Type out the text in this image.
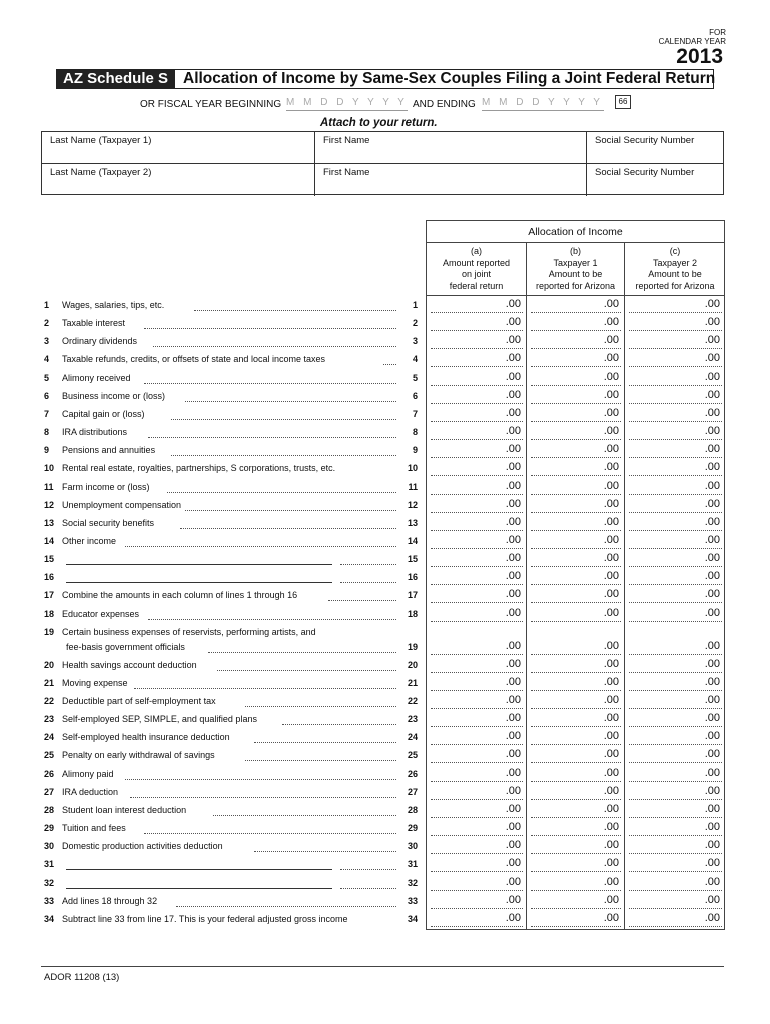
FOR
CALENDAR YEAR
2013
AZ Schedule S Allocation of Income by Same-Sex Couples Filing a Joint Federal Return
OR FISCAL YEAR BEGINNING M M D D Y Y Y Y AND ENDING M M D D Y Y Y Y	66
Attach to your return.
Last Name (Taxpayer 1)	First Name	Social Security Number
Last Name (Taxpayer 2)	First Name	Social Security Number
Allocation of Income
(a)
Amount reported
on joint
federal return
(b)
Taxpayer 1
Amount to be
reported for Arizona
(c)
Taxpayer 2
Amount to be
reported for Arizona
1 Wages, salaries, tips, etc.	1	.00	.00	.00
2 Taxable interest	2	.00	.00	.00
3 Ordinary dividends	3	.00	.00	.00
4 Taxable refunds, credits, or offsets of state and local income taxes	4	.00	.00	.00
5 Alimony received	5	.00	.00	.00
6 Business income or (loss)	6	.00	.00	.00
7 Capital gain or (loss)	7	.00	.00	.00
8 IRA distributions	8	.00	.00	.00
9 Pensions and annuities	9	.00	.00	.00
10 Rental real estate, royalties, partnerships, S corporations, trusts, etc.	10	.00	.00	.00
11 Farm income or (loss)	11	.00	.00	.00
12 Unemployment compensation	12	.00	.00	.00
13 Social security benefits	13	.00	.00	.00
14 Other income	14	.00	.00	.00
15	15	.00	.00	.00
16	16	.00	.00	.00
17 Combine the amounts in each column of lines 1 through 16	17	.00	.00	.00
18 Educator expenses	18	.00	.00	.00
19 Certain business expenses of reservists, performing artists, and
fee-basis government officials	19	.00	.00	.00
20 Health savings account deduction	20	.00	.00	.00
21 Moving expense	21	.00	.00	.00
22 Deductible part of self-employment tax	22	.00	.00	.00
23 Self-employed SEP, SIMPLE, and qualified plans	23	.00	.00	.00
24 Self-employed health insurance deduction	24	.00	.00	.00
25 Penalty on early withdrawal of savings	25	.00	.00	.00
26 Alimony paid	26	.00	.00	.00
27 IRA deduction	27	.00	.00	.00
28 Student loan interest deduction	28	.00	.00	.00
29 Tuition and fees	29	.00	.00	.00
30 Domestic production activities deduction	30	.00	.00	.00
31	31	.00	.00	.00
32	32	.00	.00	.00
33 Add lines 18 through 32	33	.00	.00	.00
34 Subtract line 33 from line 17. This is your federal adjusted gross income	34	.00	.00	.00
ADOR 11208 (13)
